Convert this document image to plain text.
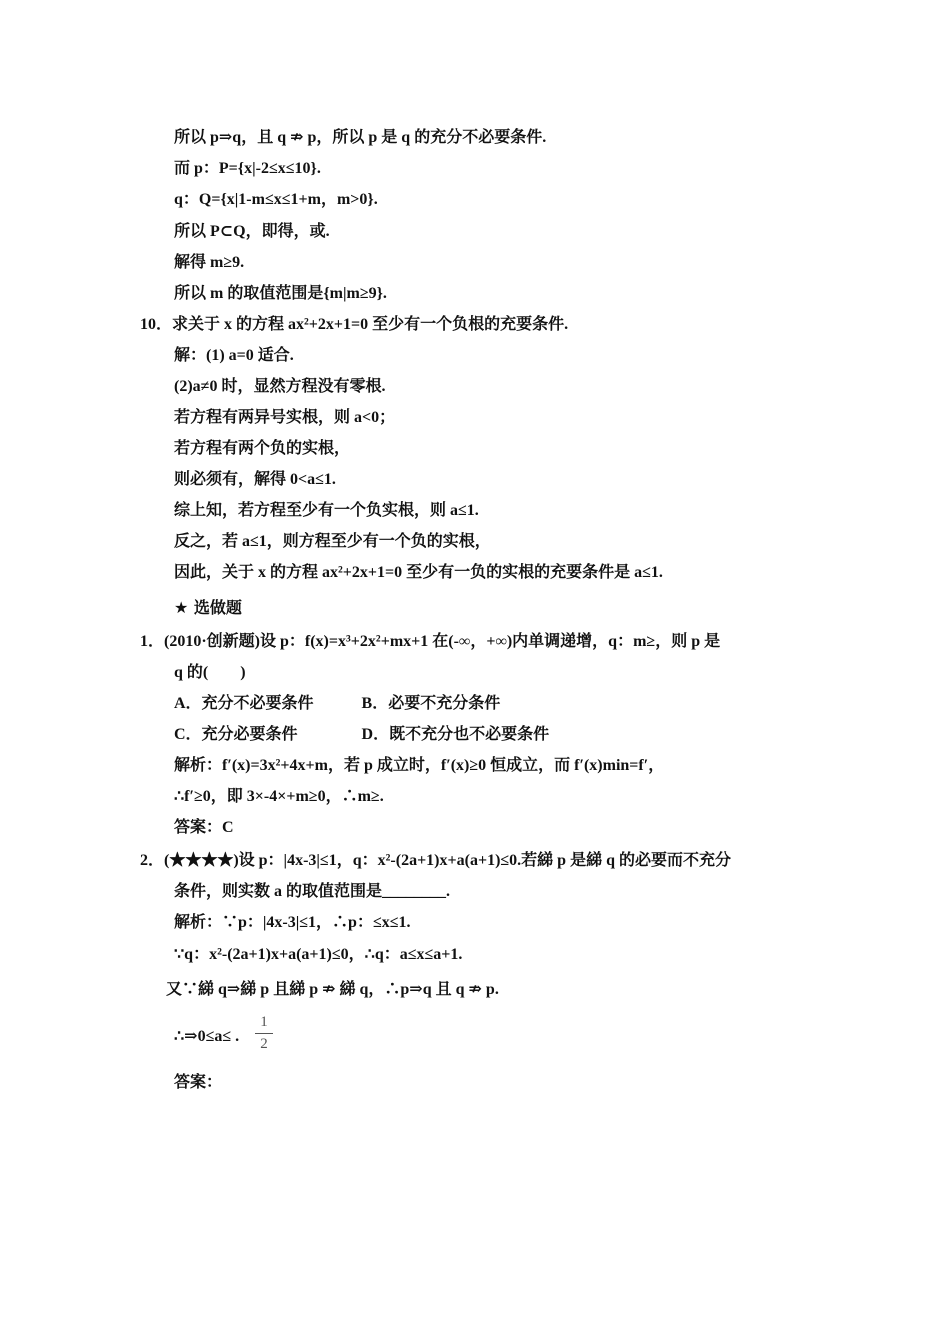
所以 p⇒q，且 q ⇏ p，所以 p 是 q 的充分不必要条件.
而 p：P={x|-2≤x≤10}.
q：Q={x|1-m≤x≤1+m，m>0}.
所以 P⊂Q，即得，或.
解得 m≥9.
所以 m 的取值范围是{m|m≥9}.
10．求关于 x 的方程 ax²+2x+1=0 至少有一个负根的充要条件.
解：(1) a=0 适合.
(2)a≠0 时，显然方程没有零根.
若方程有两异号实根，则 a<0；
若方程有两个负的实根，
则必须有，解得 0<a≤1.
综上知，若方程至少有一个负实根，则 a≤1.
反之，若 a≤1，则方程至少有一个负的实根，
因此，关于 x 的方程 ax²+2x+1=0 至少有一负的实根的充要条件是 a≤1.
★ 选做题
1．(2010·创新题)设 p：f(x)=x³+2x²+mx+1 在(-∞，+∞)内单调递增，q：m≥，则 p 是
q 的(　　)
A．充分不必要条件　　　B．必要不充分条件
C．充分必要条件　　　　D．既不充分也不必要条件
解析：f′(x)=3x²+4x+m，若 p 成立时，f′(x)≥0 恒成立，而 f′(x)min=f′，
∴f′≥0，即 3×-4×+m≥0，∴m≥.
答案：C
2．(★★★★)设 p：|4x-3|≤1，q：x²-(2a+1)x+a(a+1)≤0.若綈 p 是綈 q 的必要而不充分
条件，则实数 a 的取值范围是________.
解析：∵p：|4x-3|≤1，∴p：≤x≤1.
∵q：x²-(2a+1)x+a(a+1)≤0，∴q：a≤x≤a+1.
又∵綈 q⇒綈 p 且綈 p ⇏ 綈 q，∴p⇒q 且 q ⇏ p.
∴⇒0≤a≤ .
1
2
答案：
